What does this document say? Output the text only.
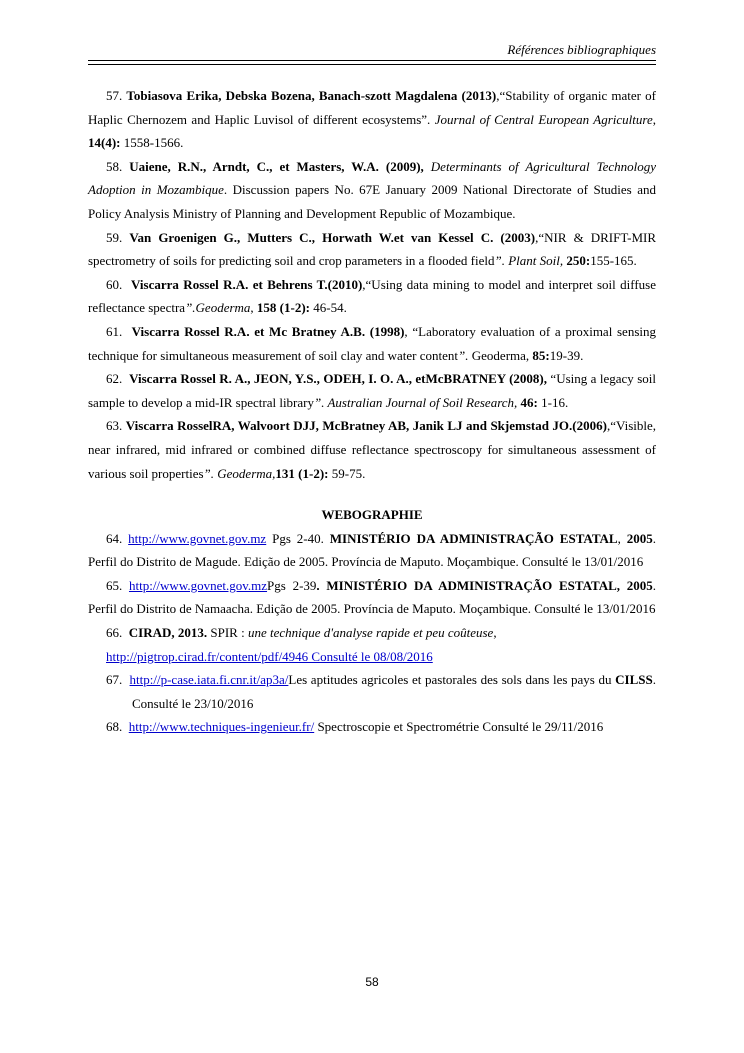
Références bibliographiques

57. Tobiasova Erika, Debska Bozena, Banach-szott Magdalena (2013),“Stability of organic mater of Haplic Chernozem and Haplic Luvisol of different ecosystems”. Journal of Central European Agriculture, 14(4): 1558-1566.

58. Uaiene, R.N., Arndt, C., et Masters, W.A. (2009), Determinants of Agricultural Technology Adoption in Mozambique. Discussion papers No. 67E January 2009 National Directorate of Studies and Policy Analysis Ministry of Planning and Development Republic of Mozambique.

59. Van Groenigen G., Mutters C., Horwath W.et van Kessel C. (2003),“NIR & DRIFT-MIR spectrometry of soils for predicting soil and crop parameters in a flooded field”. Plant Soil, 250:155-165.

60. Viscarra Rossel R.A. et Behrens T.(2010),“Using data mining to model and interpret soil diffuse reflectance spectra”.Geoderma, 158 (1-2): 46-54.

61. Viscarra Rossel R.A. et Mc Bratney A.B. (1998), “Laboratory evaluation of a proximal sensing technique for simultaneous measurement of soil clay and water content”. Geoderma, 85:19-39.

62. Viscarra Rossel R. A., JEON, Y.S., ODEH, I. O. A., etMcBRATNEY (2008), “Using a legacy soil sample to develop a mid-IR spectral library”. Australian Journal of Soil Research, 46: 1-16.

63. Viscarra RosselRA, Walvoort DJJ, McBratney AB, Janik LJ and Skjemstad JO.(2006),“Visible, near infrared, mid infrared or combined diffuse reflectance spectroscopy for simultaneous assessment of various soil properties”. Geoderma,131 (1-2): 59-75.

WEBOGRAPHIE

64. http://www.govnet.gov.mz Pgs 2-40. MINISTÉRIO DA ADMINISTRAÇÃO ESTATAL, 2005. Perfil do Distrito de Magude. Edição de 2005. Província de Maputo. Moçambique. Consulté le 13/01/2016

65. http://www.govnet.gov.mzPgs 2-39. MINISTÉRIO DA ADMINISTRAÇÃO ESTATAL, 2005. Perfil do Distrito de Namaacha. Edição de 2005. Província de Maputo. Moçambique. Consulté le 13/01/2016

66. CIRAD, 2013. SPIR : une technique d'analyse rapide et peu coûteuse,
http://pigtrop.cirad.fr/content/pdf/4946 Consulté le 08/08/2016

67. http://p-case.iata.fi.cnr.it/ap3a/Les aptitudes agricoles et pastorales des sols dans les pays du CILSS. Consulté le 23/10/2016

68. http://www.techniques-ingenieur.fr/ Spectroscopie et Spectrométrie Consulté le 29/11/2016

58
